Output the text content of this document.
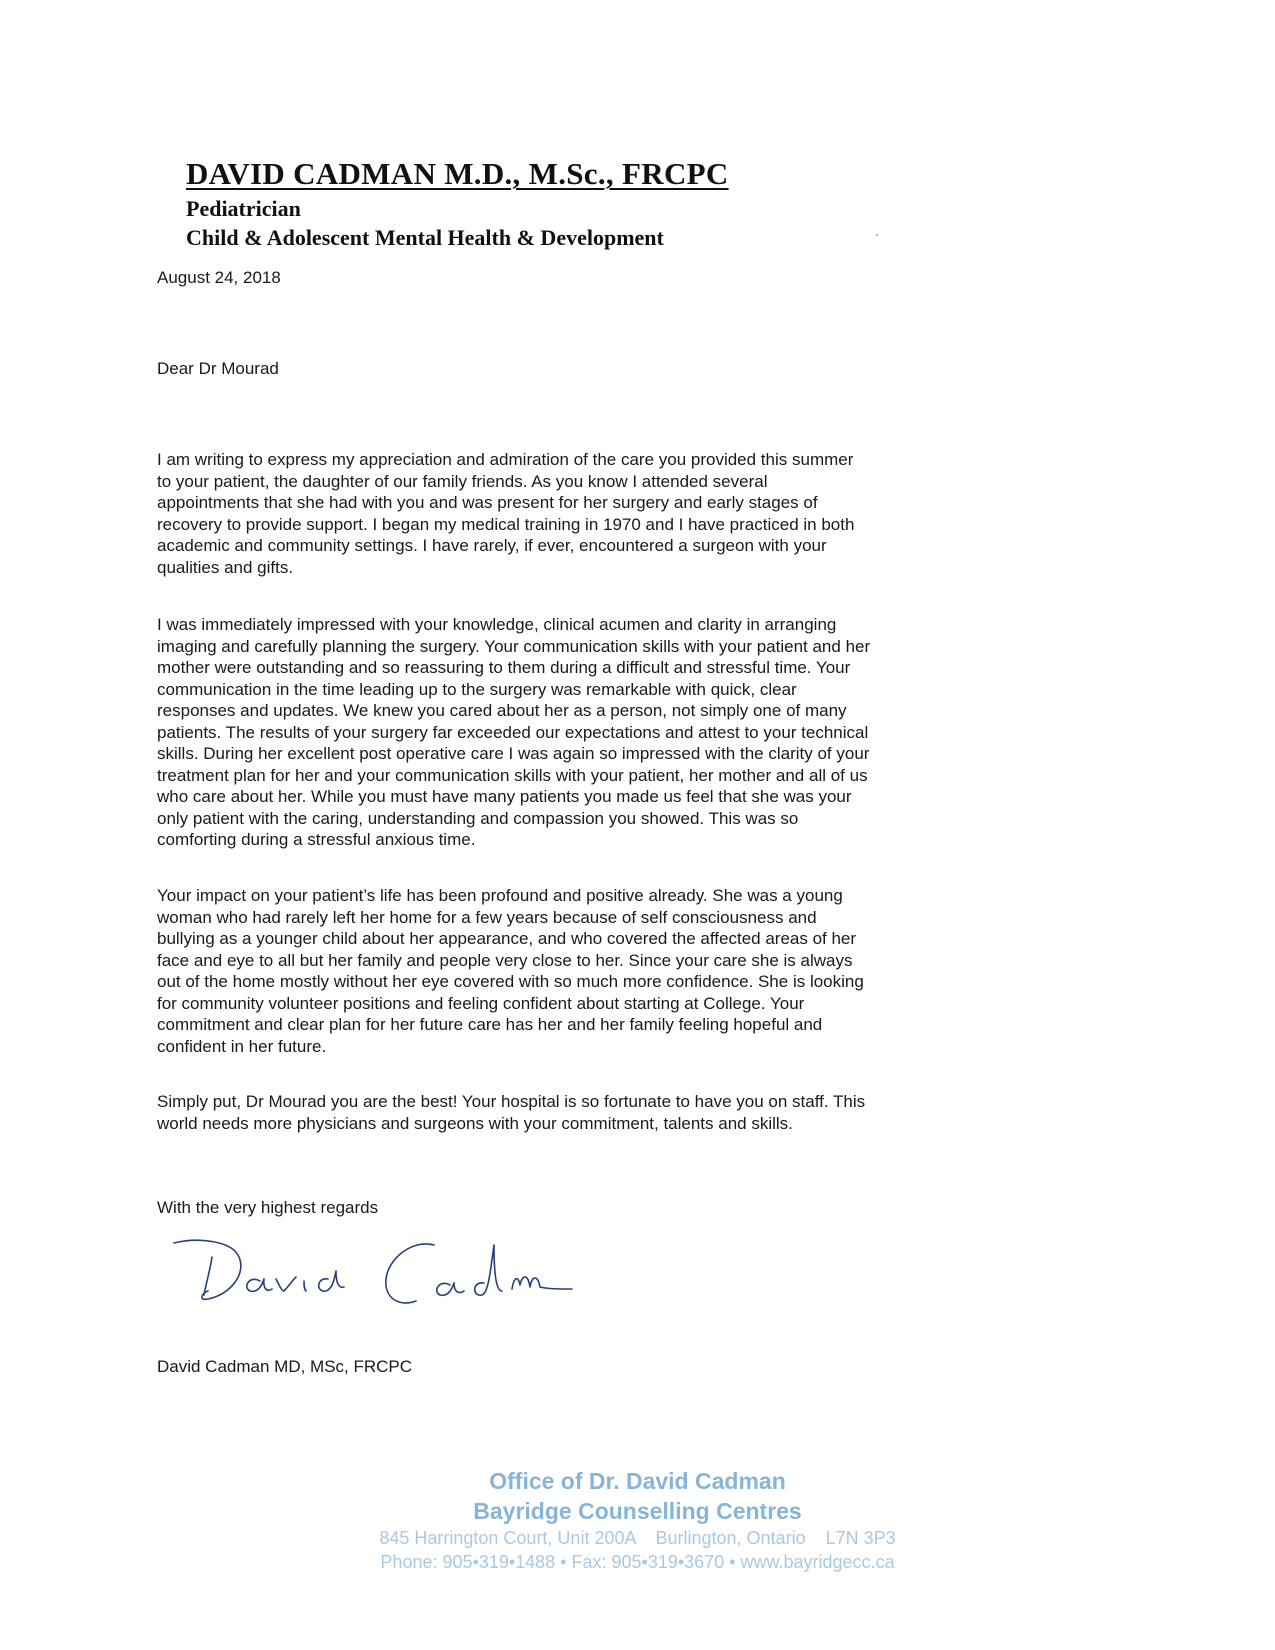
DAVID CADMAN M.D., M.Sc., FRCPC
Pediatrician
Child & Adolescent Mental Health & Development
August 24, 2018
Dear Dr Mourad
I am writing to express my appreciation and admiration of the care you provided this summer
to your patient, the daughter of our family friends. As you know I attended several
appointments that she had with you and was present for her surgery and early stages of
recovery to provide support. I began my medical training in 1970 and I have practiced in both
academic and community settings. I have rarely, if ever, encountered a surgeon with your
qualities and gifts.
I was immediately impressed with your knowledge, clinical acumen and clarity in arranging
imaging and carefully planning the surgery. Your communication skills with your patient and her
mother were outstanding and so reassuring to them during a difficult and stressful time. Your
communication in the time leading up to the surgery was remarkable with quick, clear
responses and updates. We knew you cared about her as a person, not simply one of many
patients. The results of your surgery far exceeded our expectations and attest to your technical
skills. During her excellent post operative care I was again so impressed with the clarity of your
treatment plan for her and your communication skills with your patient, her mother and all of us
who care about her. While you must have many patients you made us feel that she was your
only patient with the caring, understanding and compassion you showed. This was so
comforting during a stressful anxious time.
Your impact on your patient’s life has been profound and positive already. She was a young
woman who had rarely left her home for a few years because of self consciousness and
bullying as a younger child about her appearance, and who covered the affected areas of her
face and eye to all but her family and people very close to her. Since your care she is always
out of the home mostly without her eye covered with so much more confidence. She is looking
for community volunteer positions and feeling confident about starting at College. Your
commitment and clear plan for her future care has her and her family feeling hopeful and
confident in her future.
Simply put, Dr Mourad you are the best! Your hospital is so fortunate to have you on staff. This
world needs more physicians and surgeons with your commitment, talents and skills.
With the very highest regards
David Cadman MD, MSc, FRCPC
Office of Dr. David Cadman
Bayridge Counselling Centres
845 Harrington Court, Unit 200A    Burlington, Ontario    L7N 3P3
Phone: 905•319•1488 • Fax: 905•319•3670 • www.bayridgecc.ca
